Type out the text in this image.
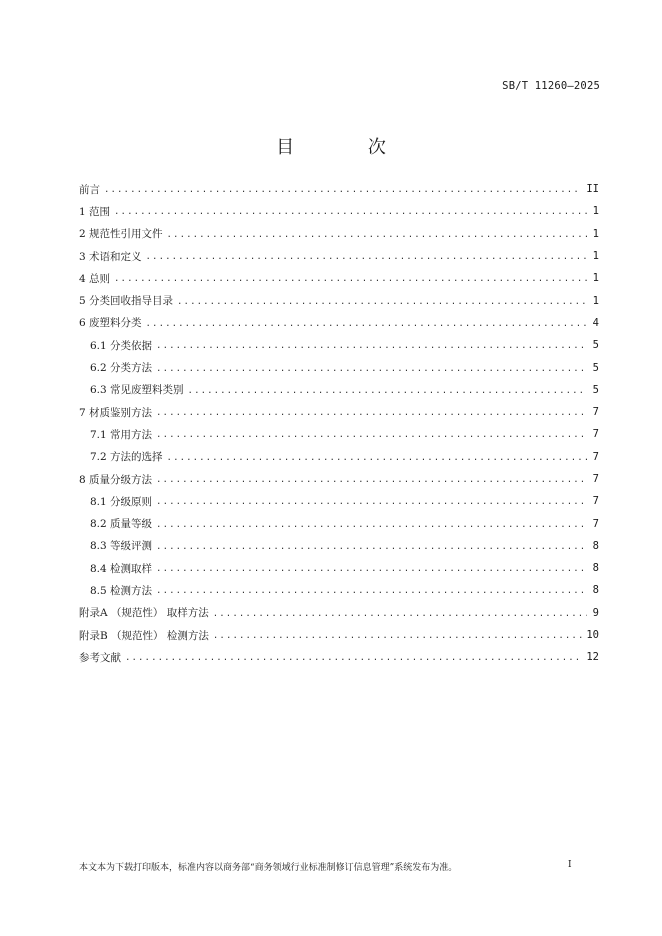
SB/T 11260—2025
目 次
前言 .....	II
1 范围 .....	1
2 规范性引用文件 .....	1
3 术语和定义 .....	1
4 总则 .....	1
5 分类回收指导目录 .....	1
6 废塑料分类 .....	4
6.1 分类依据 .....	5
6.2 分类方法 .....	5
6.3 常见废塑料类别 .....	5
7 材质鉴别方法 .....	7
7.1 常用方法 .....	7
7.2 方法的选择 .....	7
8 质量分级方法 .....	7
8.1 分级原则 .....	7
8.2 质量等级 .....	7
8.3 等级评测 .....	8
8.4 检测取样 .....	8
8.5 检测方法 .....	8
附录A （规范性） 取样方法 .....	9
附录B （规范性） 检测方法 .....	10
参考文献 .....	12
本文本为下载打印版本，标准内容以商务部“商务领域行业标准制修订信息管理”系统发布为准。	I
